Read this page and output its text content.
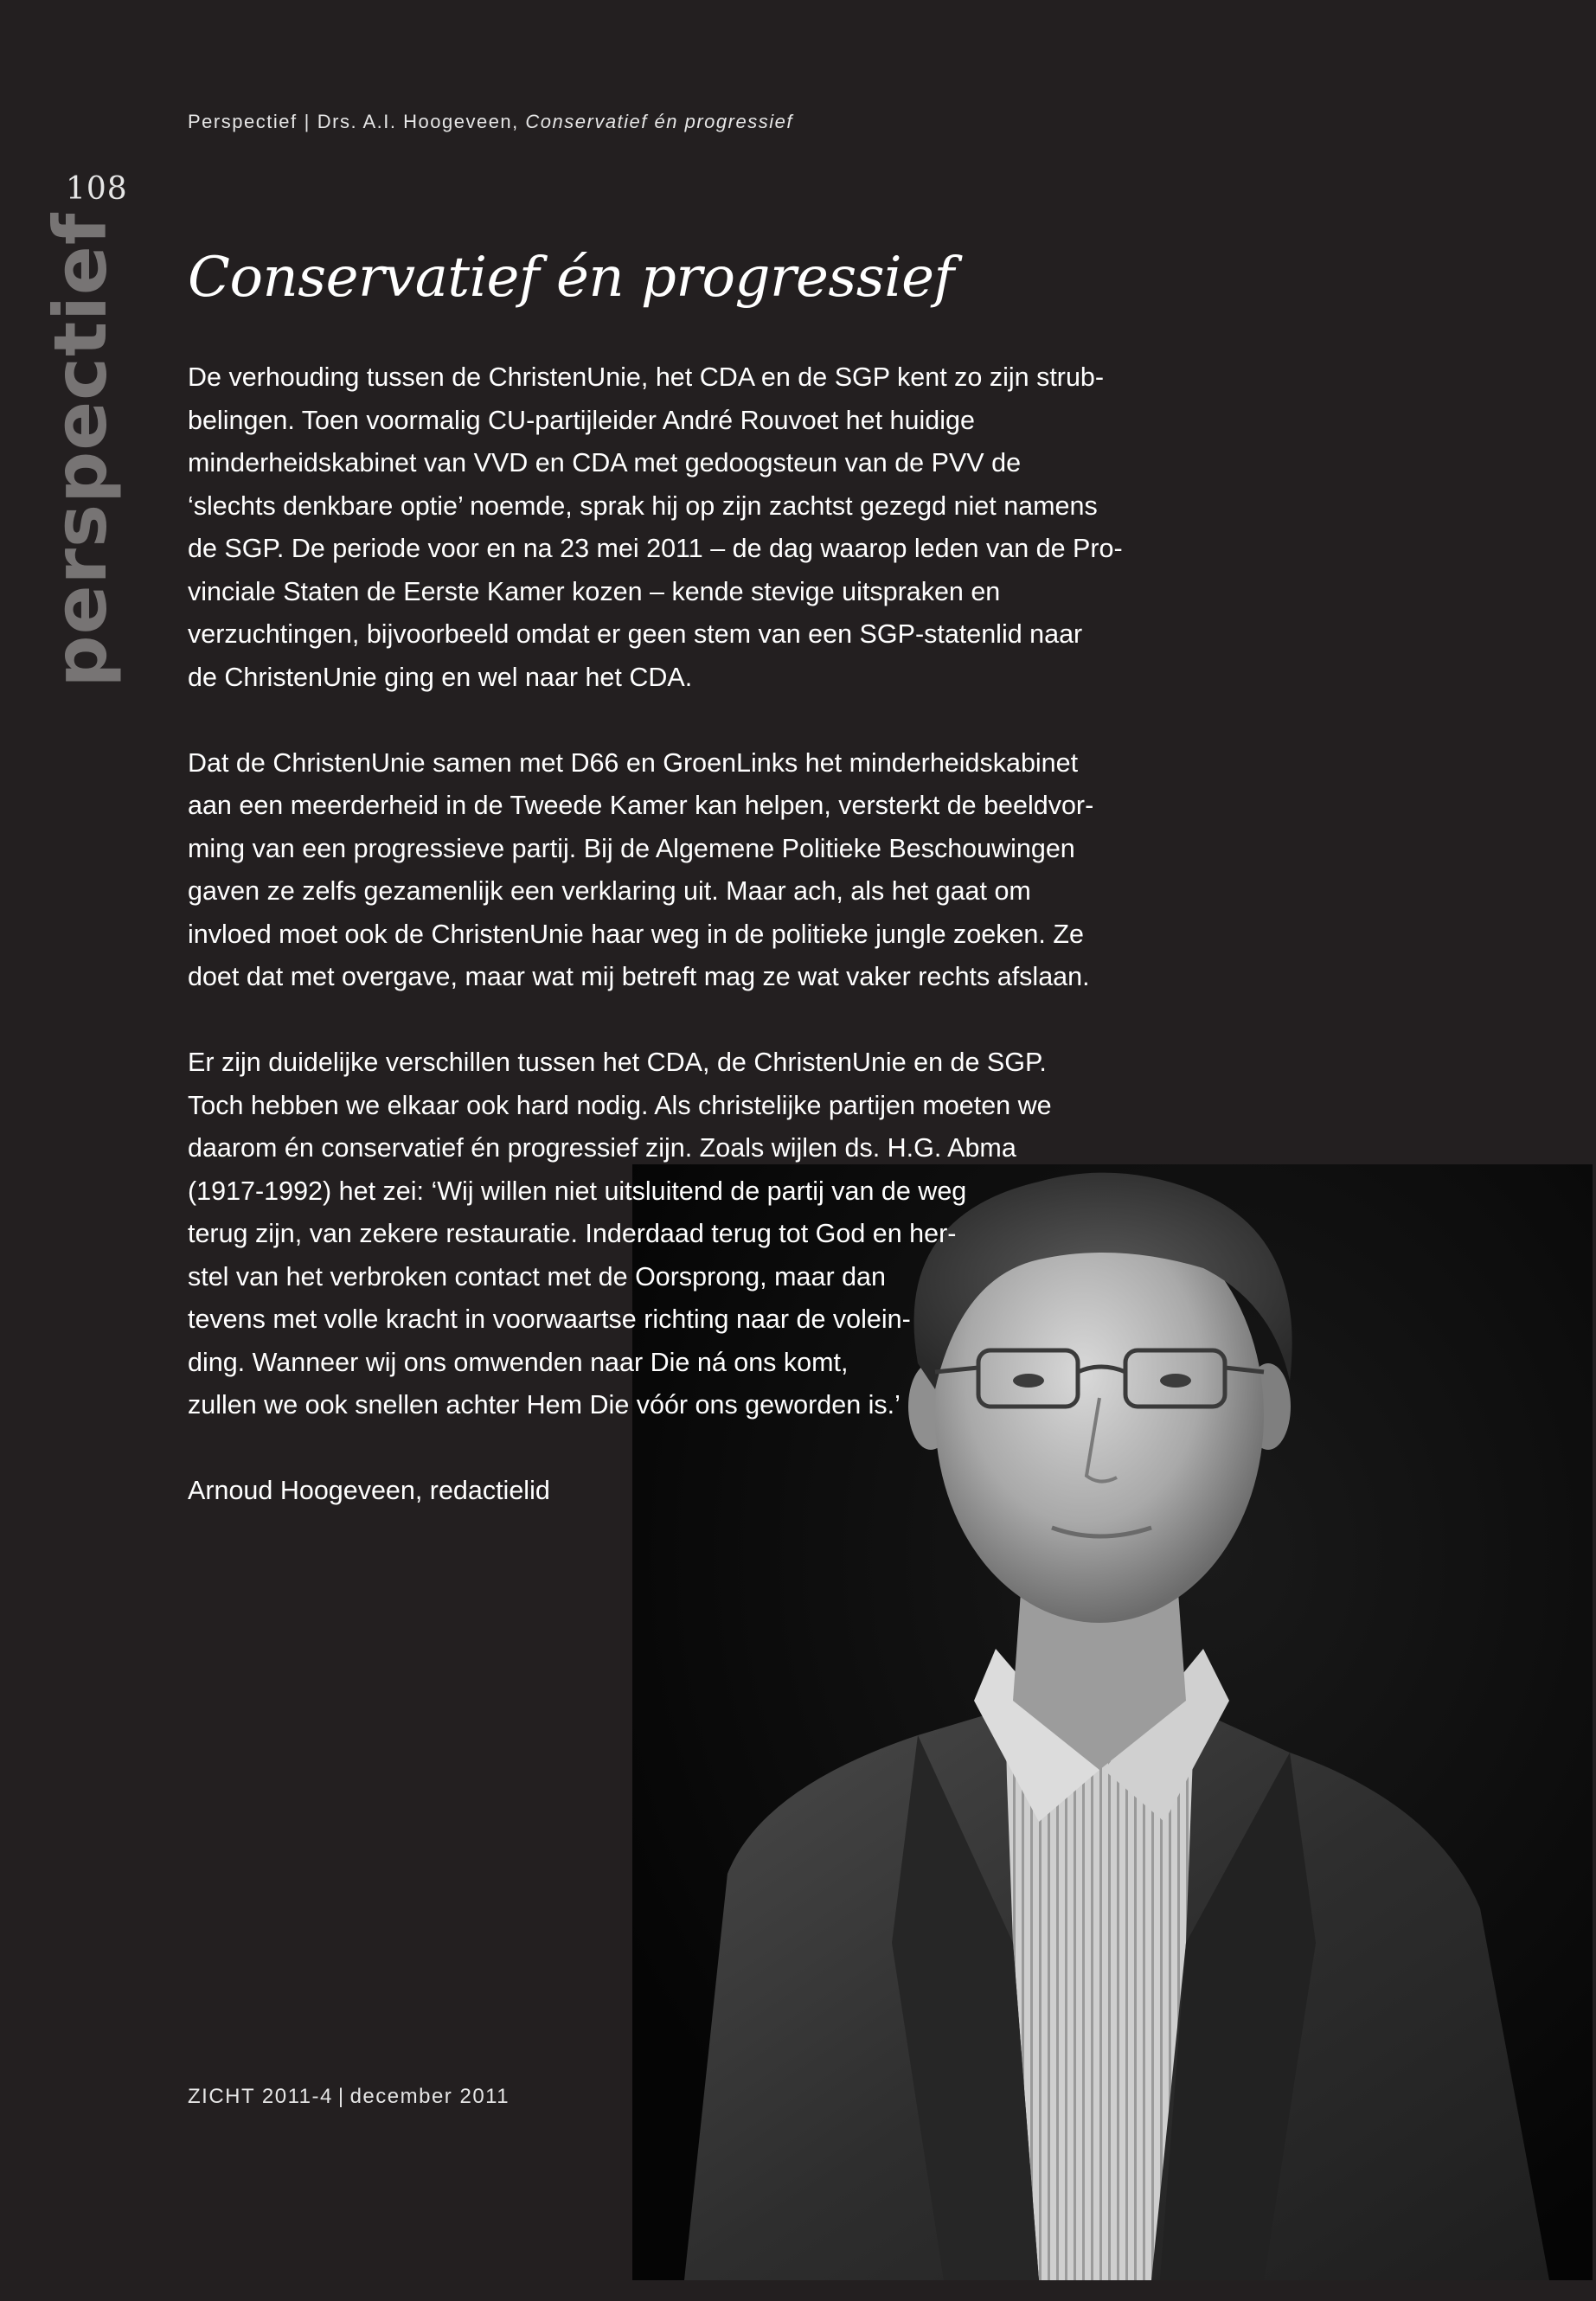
Perspectief | Drs. A.I. Hoogeveen, Conservatief én progressief
108
perspectief Conservatief én progressief

De verhouding tussen de ChristenUnie, het CDA en de SGP kent zo zijn strub-
belingen. Toen voormalig CU-partijleider André Rouvoet het huidige
minderheidskabinet van VVD en CDA met gedoogsteun van de PVV de
‘slechts denkbare optie’ noemde, sprak hij op zijn zachtst gezegd niet namens
de SGP. De periode voor en na 23 mei 2011 – de dag waarop leden van de Pro-
vinciale Staten de Eerste Kamer kozen – kende stevige uitspraken en
verzuchtingen, bijvoorbeeld omdat er geen stem van een SGP-statenlid naar
de ChristenUnie ging en wel naar het CDA.

Dat de ChristenUnie samen met D66 en GroenLinks het minderheidskabinet
aan een meerderheid in de Tweede Kamer kan helpen, versterkt de beeldvor-
ming van een progressieve partij. Bij de Algemene Politieke Beschouwingen
gaven ze zelfs gezamenlijk een verklaring uit. Maar ach, als het gaat om
invloed moet ook de ChristenUnie haar weg in de politieke jungle zoeken. Ze
doet dat met overgave, maar wat mij betreft mag ze wat vaker rechts afslaan.

Er zijn duidelijke verschillen tussen het CDA, de ChristenUnie en de SGP.
Toch hebben we elkaar ook hard nodig. Als christelijke partijen moeten we
daarom én conservatief én progressief zijn. Zoals wijlen ds. H.G. Abma
(1917-1992) het zei: ‘Wij willen niet uitsluitend de partij van de weg
terug zijn, van zekere restauratie. Inderdaad terug tot God en her-
stel van het verbroken contact met de Oorsprong, maar dan
tevens met volle kracht in voorwaartse richting naar de volein-
ding. Wanneer wij ons omwenden naar Die ná ons komt,
zullen we ook snellen achter Hem Die vóór ons geworden is.’

Arnoud Hoogeveen, redactielid

ZICHT 2011-4 | december 2011
